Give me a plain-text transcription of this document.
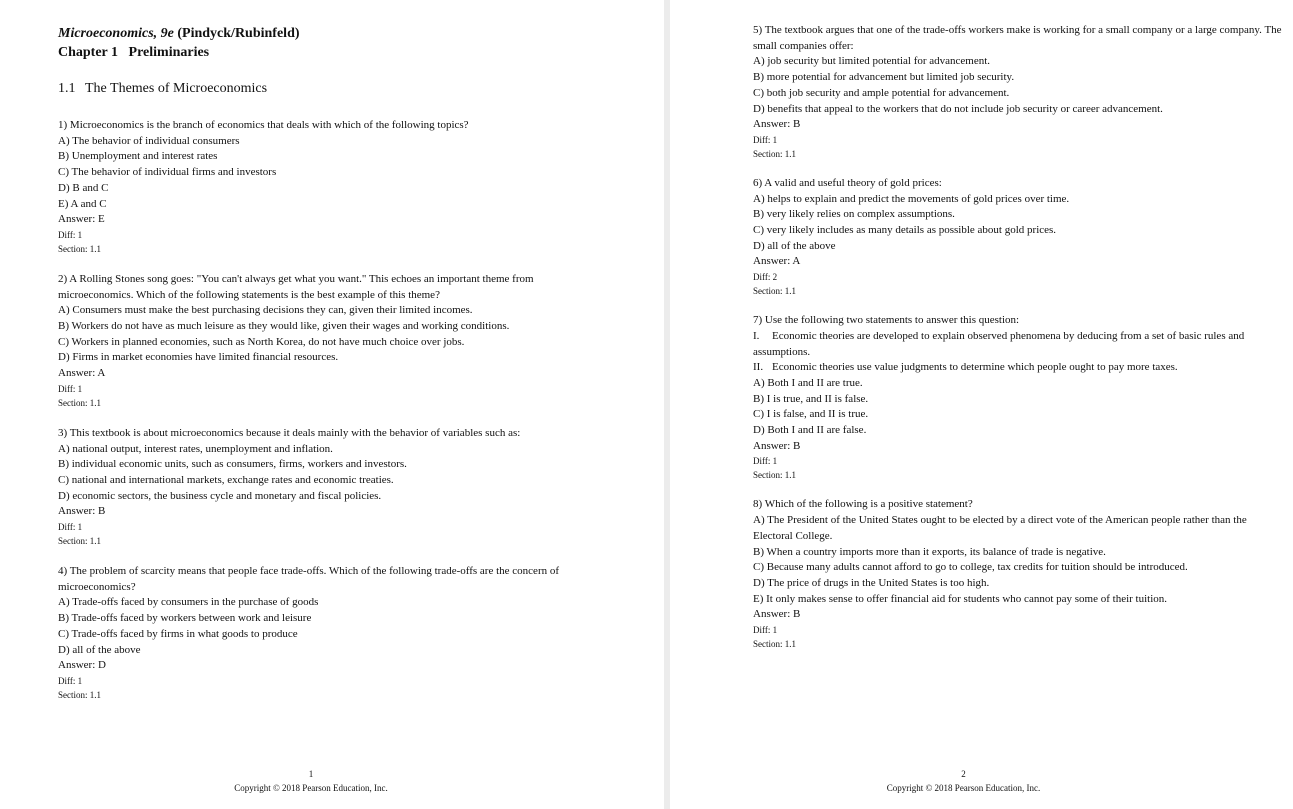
Microeconomics, 9e (Pindyck/Rubinfeld)

Chapter 1   Preliminaries

1.1 The Themes of Microeconomics
1) Microeconomics is the branch of economics that deals with which of the following topics?
A) The behavior of individual consumers
B) Unemployment and interest rates
C) The behavior of individual firms and investors
D) B and C
E) A and C
Answer: E
Diff: 1
Section: 1.1
2) A Rolling Stones song goes: "You can't always get what you want." This echoes an important theme from microeconomics. Which of the following statements is the best example of this theme?
A) Consumers must make the best purchasing decisions they can, given their limited incomes.
B) Workers do not have as much leisure as they would like, given their wages and working conditions.
C) Workers in planned economies, such as North Korea, do not have much choice over jobs.
D) Firms in market economies have limited financial resources.
Answer: A
Diff: 1
Section: 1.1
3) This textbook is about microeconomics because it deals mainly with the behavior of variables such as:
A) national output, interest rates, unemployment and inflation.
B) individual economic units, such as consumers, firms, workers and investors.
C) national and international markets, exchange rates and economic treaties.
D) economic sectors, the business cycle and monetary and fiscal policies.
Answer: B
Diff: 1
Section: 1.1
4) The problem of scarcity means that people face trade-offs. Which of the following trade-offs are the concern of microeconomics?
A) Trade-offs faced by consumers in the purchase of goods
B) Trade-offs faced by workers between work and leisure
C) Trade-offs faced by firms in what goods to produce
D) all of the above
Answer: D
Diff: 1
Section: 1.1
1
Copyright © 2018 Pearson Education, Inc.
5) The textbook argues that one of the trade-offs workers make is working for a small company or a large company. The small companies offer:
A) job security but limited potential for advancement.
B) more potential for advancement but limited job security.
C) both job security and ample potential for advancement.
D) benefits that appeal to the workers that do not include job security or career advancement.
Answer: B
Diff: 1
Section: 1.1
6) A valid and useful theory of gold prices:
A) helps to explain and predict the movements of gold prices over time.
B) very likely relies on complex assumptions.
C) very likely includes as many details as possible about gold prices.
D) all of the above
Answer: A
Diff: 2
Section: 1.1
7) Use the following two statements to answer this question:
I. Economic theories are developed to explain observed phenomena by deducing from a set of basic rules and assumptions.
II. Economic theories use value judgments to determine which people ought to pay more taxes.
A) Both I and II are true.
B) I is true, and II is false.
C) I is false, and II is true.
D) Both I and II are false.
Answer: B
Diff: 1
Section: 1.1
8) Which of the following is a positive statement?
A) The President of the United States ought to be elected by a direct vote of the American people rather than the Electoral College.
B) When a country imports more than it exports, its balance of trade is negative.
C) Because many adults cannot afford to go to college, tax credits for tuition should be introduced.
D) The price of drugs in the United States is too high.
E) It only makes sense to offer financial aid for students who cannot pay some of their tuition.
Answer: B
Diff: 1
Section: 1.1
2
Copyright © 2018 Pearson Education, Inc.
